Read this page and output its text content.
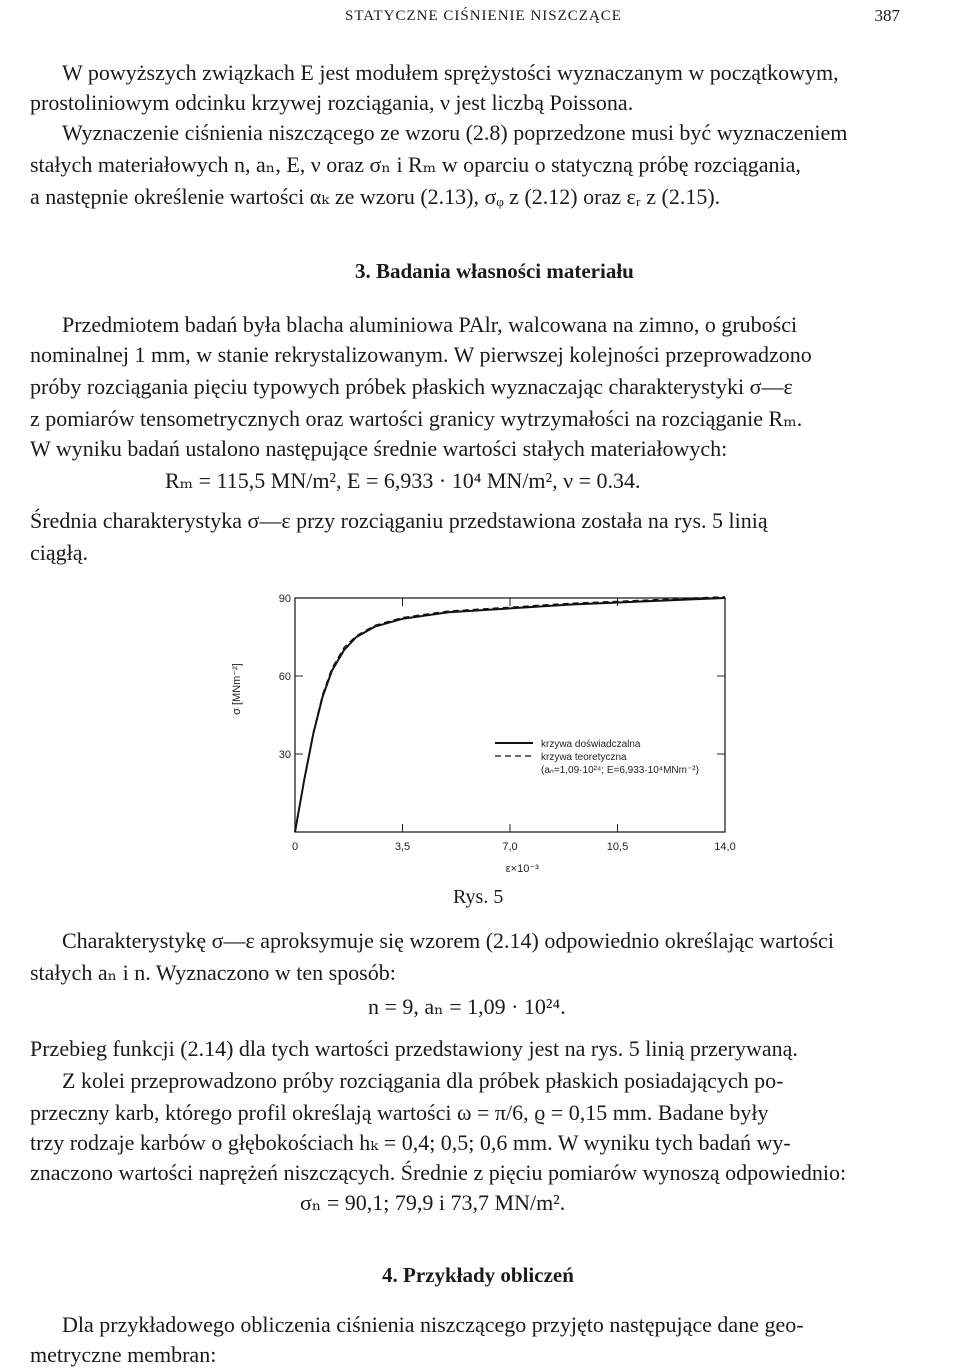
STATYCZNE CIŚNIENIE NISZCZĄCE	387
W powyższych związkach E jest modułem sprężystości wyznaczanym w początkowym,
prostoliniowym odcinku krzywej rozciągania, ν jest liczbą Poissona.
Wyznaczenie ciśnienia niszczącego ze wzoru (2.8) poprzedzone musi być wyznaczeniem
stałych materiałowych n, aₙ, E, ν oraz σₙ i Rₘ w oparciu o statyczną próbę rozciągania,
a następnie określenie wartości αₖ ze wzoru (2.13), σᵩ z (2.12) oraz εᵣ z (2.15).
3. Badania własności materiału
Przedmiotem badań była blacha aluminiowa PAlr, walcowana na zimno, o grubości
nominalnej 1 mm, w stanie rekrystalizowanym. W pierwszej kolejności przeprowadzono
próby rozciągania pięciu typowych próbek płaskich wyznaczając charakterystyki σ—ε
z pomiarów tensometrycznych oraz wartości granicy wytrzymałości na rozciąganie Rₘ.
W wyniku badań ustalono następujące średnie wartości stałych materiałowych:
Rₘ = 115,5 MN/m², E = 6,933 · 10⁴ MN/m², ν = 0.34.
Średnia charakterystyka σ—ε przy rozciąganiu przedstawiona została na rys. 5 linią
ciągłą.
0	3,5	7,0	10,5	14,0
30
60
90
ε×10⁻³
σ [MNm⁻²]
krzywa doświadczalna
krzywa teoretyczna
(aₙ=1,09·10²⁴; E=6,933·10⁴MNm⁻²)
Rys. 5
Charakterystykę σ—ε aproksymuje się wzorem (2.14) odpowiednio określając wartości
stałych aₙ i n. Wyznaczono w ten sposób:
n = 9, aₙ = 1,09 · 10²⁴.
Przebieg funkcji (2.14) dla tych wartości przedstawiony jest na rys. 5 linią przerywaną.
Z kolei przeprowadzono próby rozciągania dla próbek płaskich posiadających po-
przeczny karb, którego profil określają wartości ω = π/6, ϱ = 0,15 mm. Badane były
trzy rodzaje karbów o głębokościach hₖ = 0,4; 0,5; 0,6 mm. W wyniku tych badań wy-
znaczono wartości naprężeń niszczących. Średnie z pięciu pomiarów wynoszą odpowiednio:
σₙ = 90,1; 79,9 i 73,7 MN/m².
4. Przykłady obliczeń
Dla przykładowego obliczenia ciśnienia niszczącego przyjęto następujące dane geo-
metryczne membran:
